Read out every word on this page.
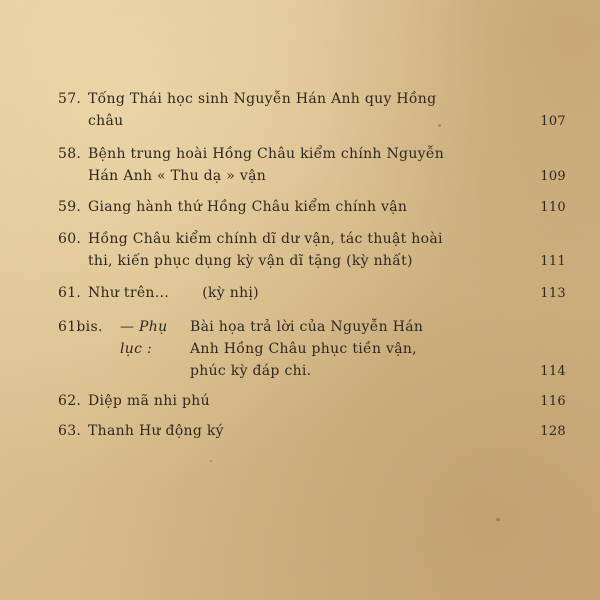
57. Tống Thái học sinh Nguyễn Hán Anh quy Hồng
châu	107
58. Bệnh trung hoài Hồng Châu kiểm chính Nguyễn
Hán Anh « Thu dạ » vận	109
59. Giang hành thứ Hồng Châu kiểm chính vận	110
60. Hồng Châu kiểm chính dĩ dư vận, tác thuật hoài
thi, kiến phục dụng kỳ vận dĩ tặng (kỳ nhất)	111
61. Như trên...       (kỳ nhị)	113
61bis.	— Phụ lục :
Bài họa trả lời của Nguyễn Hán
Anh Hồng Châu phục tiền vận,
phúc kỳ đáp chi.	114
62. Diệp mã nhi phú	116
63. Thanh Hư động ký	128
